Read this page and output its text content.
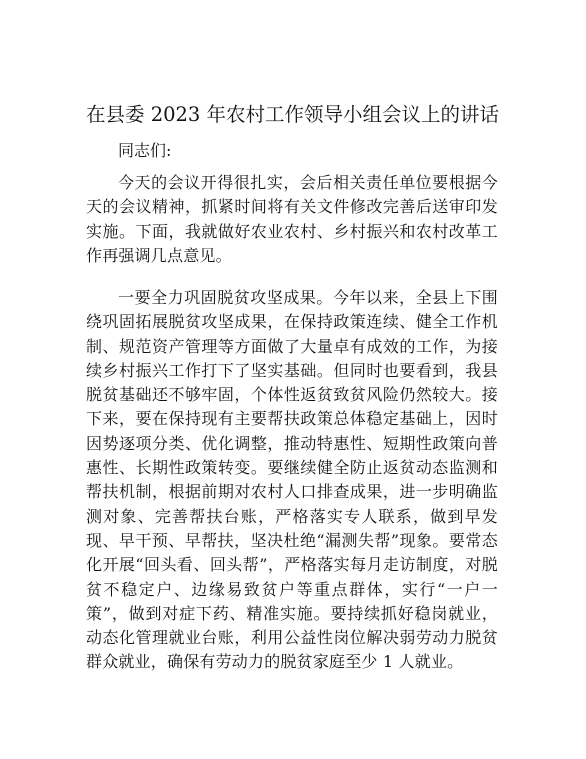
在县委 2023 年农村工作领导小组会议上的讲话

同志们:

今天的会议开得很扎实，会后相关责任单位要根据今天的会议精神，抓紧时间将有关文件修改完善后送审印发实施。下面，我就做好农业农村、乡村振兴和农村改革工作再强调几点意见。

一要全力巩固脱贫攻坚成果。今年以来，全县上下围绕巩固拓展脱贫攻坚成果，在保持政策连续、健全工作机制、规范资产管理等方面做了大量卓有成效的工作，为接续乡村振兴工作打下了坚实基础。但同时也要看到，我县脱贫基础还不够牢固，个体性返贫致贫风险仍然较大。接下来，要在保持现有主要帮扶政策总体稳定基础上，因时因势逐项分类、优化调整，推动特惠性、短期性政策向普惠性、长期性政策转变。要继续健全防止返贫动态监测和帮扶机制，根据前期对农村人口排查成果，进一步明确监测对象、完善帮扶台账，严格落实专人联系，做到早发现、早干预、早帮扶，坚决杜绝“漏测失帮”现象。要常态化开展“回头看、回头帮”，严格落实每月走访制度，对脱贫不稳定户、边缘易致贫户等重点群体，实行“一户一策”，做到对症下药、精准实施。要持续抓好稳岗就业，动态化管理就业台账，利用公益性岗位解决弱劳动力脱贫群众就业，确保有劳动力的脱贫家庭至少 1 人就业。
